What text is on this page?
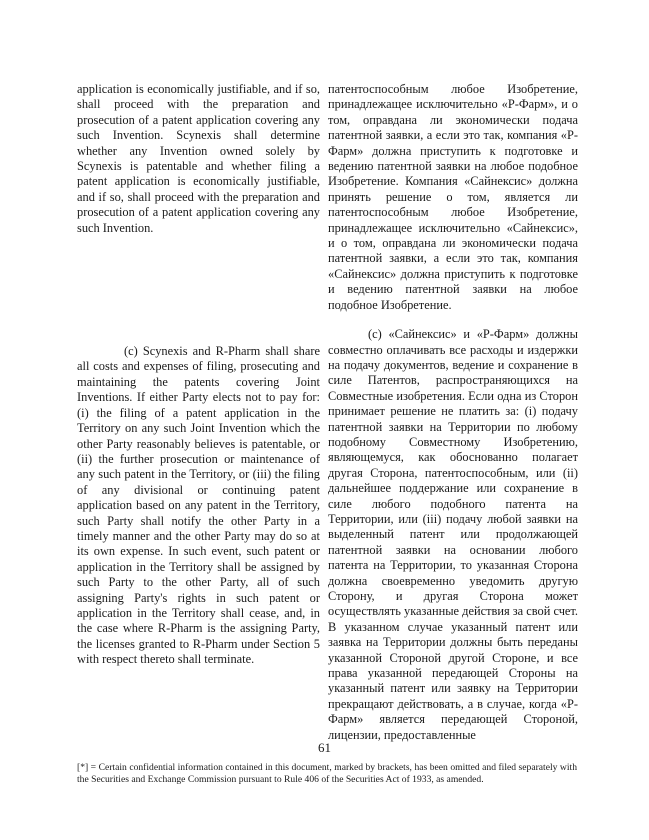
application is economically justifiable, and if so, shall proceed with the preparation and prosecution of a patent application covering any such Invention. Scynexis shall determine whether any Invention owned solely by Scynexis is patentable and whether filing a patent application is economically justifiable, and if so, shall proceed with the preparation and prosecution of a patent application covering any such Invention.

(c) Scynexis and R-Pharm shall share all costs and expenses of filing, prosecuting and maintaining the patents covering Joint Inventions. If either Party elects not to pay for: (i) the filing of a patent application in the Territory on any such Joint Invention which the other Party reasonably believes is patentable, or (ii) the further prosecution or maintenance of any such patent in the Territory, or (iii) the filing of any divisional or continuing patent application based on any patent in the Territory, such Party shall notify the other Party in a timely manner and the other Party may do so at its own expense. In such event, such patent or application in the Territory shall be assigned by such Party to the other Party, all of such assigning Party's rights in such patent or application in the Territory shall cease, and, in the case where R-Pharm is the assigning Party, the licenses granted to R-Pharm under Section 5 with respect thereto shall terminate.

патентоспособным любое Изобретение, принадлежащее исключительно «Р-Фарм», и о том, оправдана ли экономически подача патентной заявки, а если это так, компания «Р-Фарм» должна приступить к подготовке и ведению патентной заявки на любое подобное Изобретение. Компания «Сайнексис» должна принять решение о том, является ли патентоспособным любое Изобретение, принадлежащее исключительно «Сайнексис», и о том, оправдана ли экономически подача патентной заявки, а если это так, компания «Сайнексис» должна приступить к подготовке и ведению патентной заявки на любое подобное Изобретение.

(c) «Сайнексис» и «Р-Фарм» должны совместно оплачивать все расходы и издержки на подачу документов, ведение и сохранение в силе Патентов, распространяющихся на Совместные изобретения. Если одна из Сторон принимает решение не платить за: (i) подачу патентной заявки на Территории по любому подобному Совместному Изобретению, являющемуся, как обоснованно полагает другая Сторона, патентоспособным, или (ii) дальнейшее поддержание или сохранение в силе любого подобного патента на Территории, или (iii) подачу любой заявки на выделенный патент или продолжающей патентной заявки на основании любого патента на Территории, то указанная Сторона должна своевременно уведомить другую Сторону, и другая Сторона может осуществлять указанные действия за свой счет. В указанном случае указанный патент или заявка на Территории должны быть переданы указанной Стороной другой Стороне, и все права указанной передающей Стороны на указанный патент или заявку на Территории прекращают действовать, а в случае, когда «Р-Фарм» является передающей Стороной, лицензии, предоставленные

61
[*] = Certain confidential information contained in this document, marked by brackets, has been omitted and filed separately with the Securities and Exchange Commission pursuant to Rule 406 of the Securities Act of 1933, as amended.
